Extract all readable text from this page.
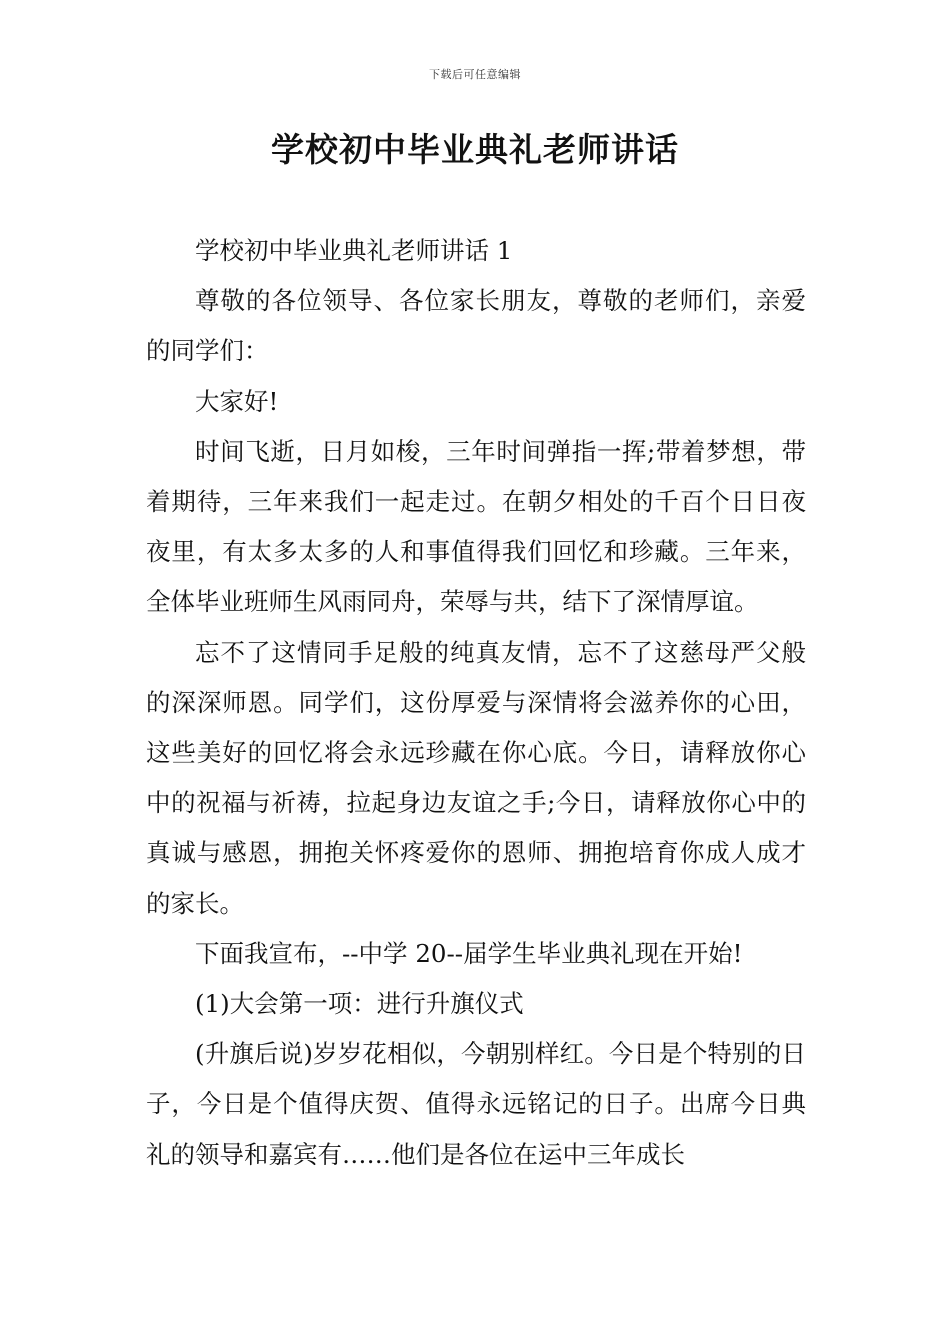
下载后可任意编辑
学校初中毕业典礼老师讲话

学校初中毕业典礼老师讲话 1

尊敬的各位领导、各位家长朋友，尊敬的老师们，亲爱的同学们：

大家好!

时间飞逝，日月如梭，三年时间弹指一挥;带着梦想，带着期待，三年来我们一起走过。在朝夕相处的千百个日日夜夜里，有太多太多的人和事值得我们回忆和珍藏。三年来，全体毕业班师生风雨同舟，荣辱与共，结下了深情厚谊。

忘不了这情同手足般的纯真友情，忘不了这慈母严父般的深深师恩。同学们，这份厚爱与深情将会滋养你的心田，这些美好的回忆将会永远珍藏在你心底。今日，请释放你心中的祝福与祈祷，拉起身边友谊之手;今日，请释放你心中的真诚与感恩，拥抱关怀疼爱你的恩师、拥抱培育你成人成才的家长。

下面我宣布，--中学 20--届学生毕业典礼现在开始!

(1)大会第一项：进行升旗仪式

(升旗后说)岁岁花相似，今朝别样红。今日是个特别的日子，今日是个值得庆贺、值得永远铭记的日子。出席今日典礼的领导和嘉宾有……他们是各位在运中三年成长
